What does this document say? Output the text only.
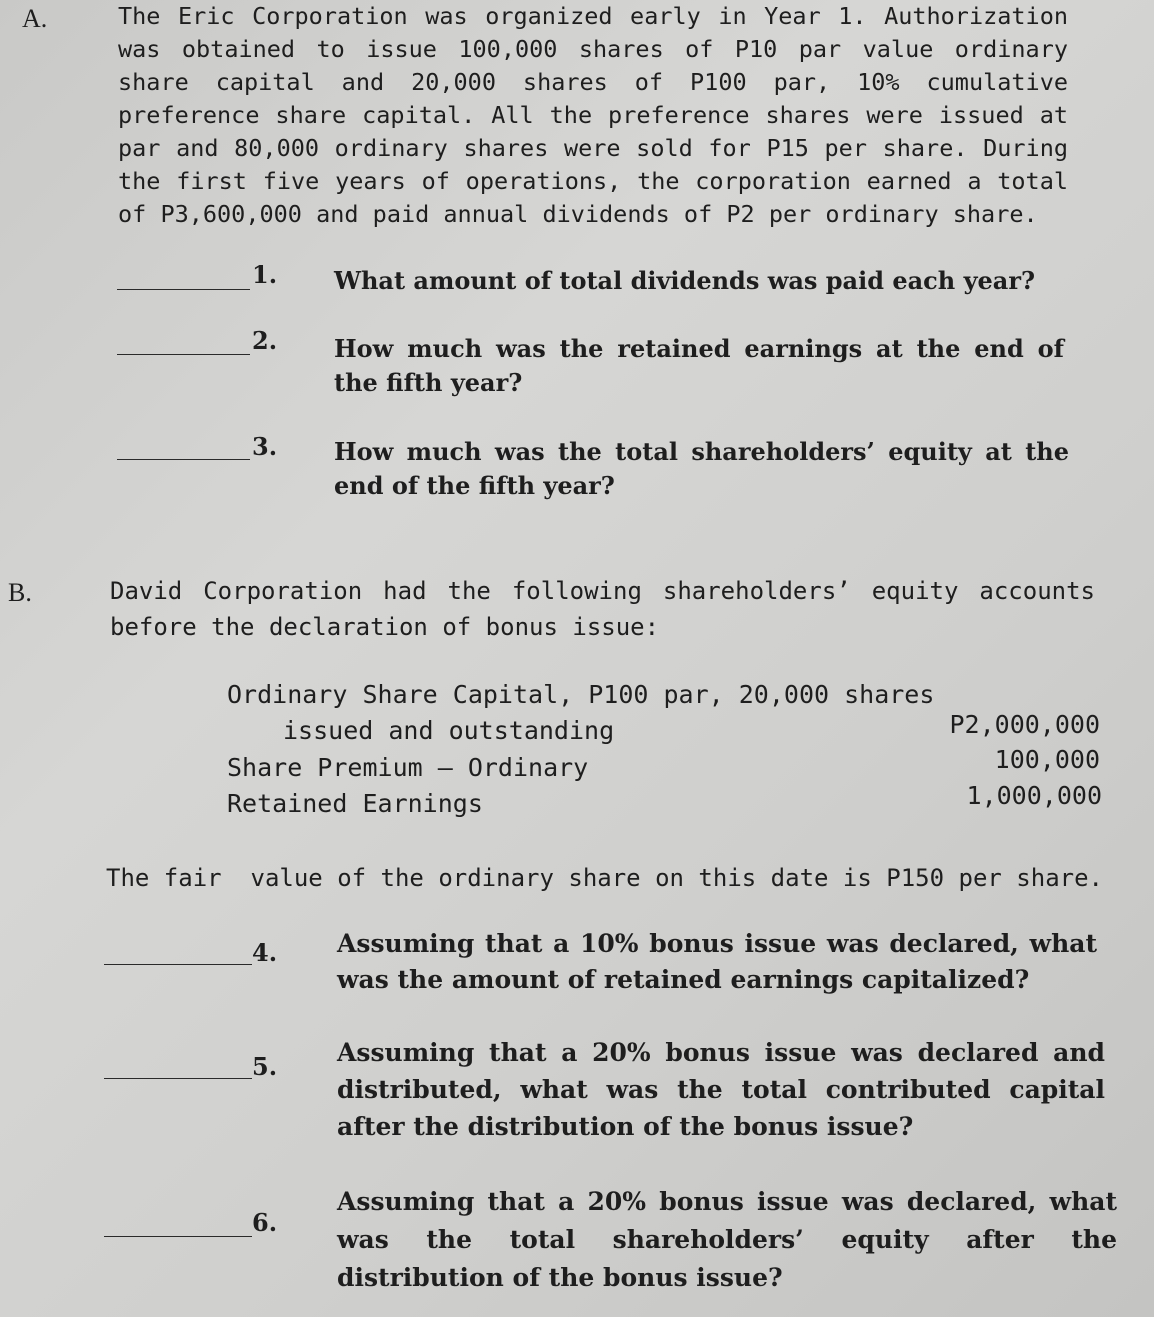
A.	The Eric Corporation was organized early in Year 1. Authorization was obtained to issue 100,000 shares of P10 par value ordinary share capital and 20,000 shares of P100 par, 10% cumulative preference share capital. All the preference shares were issued at par and 80,000 ordinary shares were sold for P15 per share. During the first five years of operations, the corporation earned a total of P3,600,000 and paid annual dividends of P2 per ordinary share.

1. What amount of total dividends was paid each year?

2. How much was the retained earnings at the end of the fifth year?

3. How much was the total shareholders’ equity at the end of the fifth year?

B.	David Corporation had the following shareholders’ equity accounts before the declaration of bonus issue:

Ordinary Share Capital, P100 par, 20,000 shares
issued and outstanding	P2,000,000
Share Premium – Ordinary	100,000
Retained Earnings	1,000,000
The fair  value of the ordinary share on this date is P150 per share.
4. Assuming that a 10% bonus issue was declared, what was the amount of retained earnings capitalized?

5. Assuming that a 20% bonus issue was declared and distributed, what was the total contributed capital after the distribution of the bonus issue?

6.

Assuming that a 20% bonus issue was declared, what was the total shareholders’ equity after the distribution of the bonus issue?
